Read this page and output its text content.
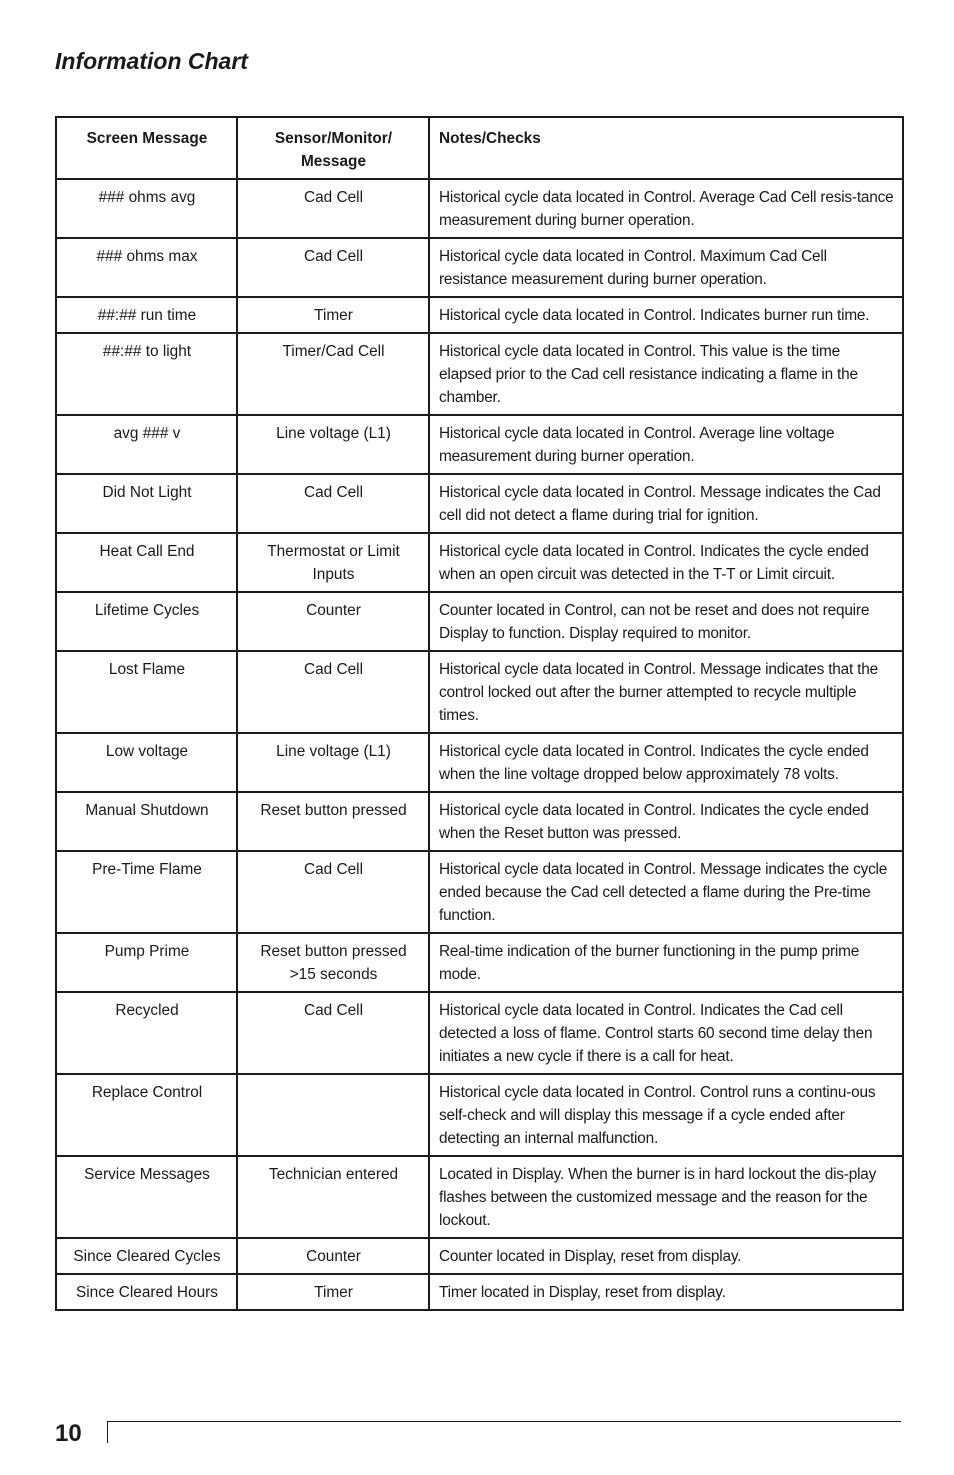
Information Chart
Screen Message	Sensor/Monitor/ Message	Notes/Checks
### ohms avg	Cad Cell	Historical cycle data located in Control. Average Cad Cell resis-tance measurement during burner operation.
### ohms max	Cad Cell	Historical cycle data located in Control. Maximum Cad Cell resistance measurement during burner operation.
##:## run time	Timer	Historical cycle data located in Control. Indicates burner run time.
##:## to light	Timer/Cad Cell	Historical cycle data located in Control. This value is the time elapsed prior to the Cad cell resistance indicating a flame in the chamber.
avg ### v	Line voltage (L1)	Historical cycle data located in Control. Average line voltage measurement during burner operation.
Did Not Light	Cad Cell	Historical cycle data located in Control. Message indicates the Cad cell did not detect a flame during trial for ignition.
Heat Call End	Thermostat or Limit Inputs	Historical cycle data located in Control. Indicates the cycle ended when an open circuit was detected in the T-T or Limit circuit.
Lifetime Cycles	Counter	Counter located in Control, can not be reset and does not require Display to function. Display required to monitor.
Lost Flame	Cad Cell	Historical cycle data located in Control. Message indicates that the control locked out after the burner attempted to recycle multiple times.
Low voltage	Line voltage (L1)	Historical cycle data located in Control. Indicates the cycle ended when the line voltage dropped below approximately 78 volts.
Manual Shutdown	Reset button pressed	Historical cycle data located in Control. Indicates the cycle ended when the Reset button was pressed.
Pre-Time Flame	Cad Cell	Historical cycle data located in Control. Message indicates the cycle ended because the Cad cell detected a flame during the Pre-time function.
Pump Prime	Reset button pressed >15 seconds	Real-time indication of the burner functioning in the pump prime mode.
Recycled	Cad Cell	Historical cycle data located in Control. Indicates the Cad cell detected a loss of flame. Control starts 60 second time delay then initiates a new cycle if there is a call for heat.
Replace Control		Historical cycle data located in Control. Control runs a continu-ous self-check and will display this message if a cycle ended after detecting an internal malfunction.
Service Messages	Technician entered	Located in Display. When the burner is in hard lockout the dis-play flashes between the customized message and the reason for the lockout.
Since Cleared Cycles	Counter	Counter located in Display, reset from display.
Since Cleared Hours	Timer	Timer located in Display, reset from display.
10
